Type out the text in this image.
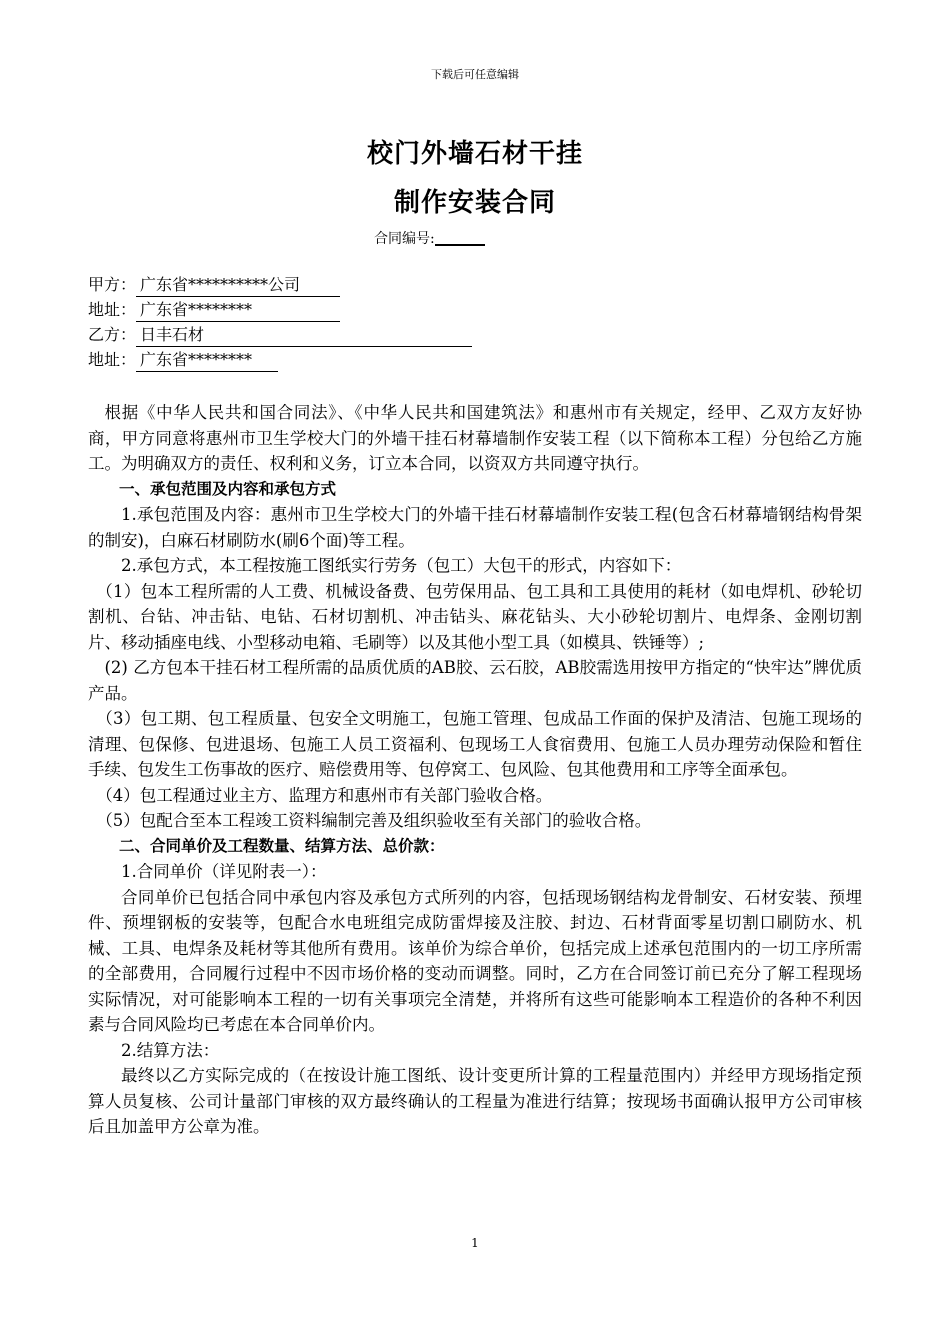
下载后可任意编辑
校门外墙石材干挂
制作安装合同
合同编号:
甲方： 广东省**********公司
地址： 广东省********
乙方： 日丰石材
地址： 广东省********

根据《中华人民共和国合同法》、《中华人民共和国建筑法》和惠州市有关规定，经甲、乙双方友好协商，甲方同意将惠州市卫生学校大门的外墙干挂石材幕墙制作安装工程（以下简称本工程）分包给乙方施工。为明确双方的责任、权利和义务，订立本合同，以资双方共同遵守执行。

一、承包范围及内容和承包方式

1.承包范围及内容：惠州市卫生学校大门的外墙干挂石材幕墙制作安装工程(包含石材幕墙钢结构骨架的制安)，白麻石材刷防水(刷6个面)等工程。

2.承包方式，本工程按施工图纸实行劳务（包工）大包干的形式，内容如下：

（1）包本工程所需的人工费、机械设备费、包劳保用品、包工具和工具使用的耗材（如电焊机、砂轮切割机、台钻、冲击钻、电钻、石材切割机、冲击钻头、麻花钻头、大小砂轮切割片、电焊条、金刚切割片、移动插座电线、小型移动电箱、毛刷等）以及其他小型工具（如模具、铁锤等）;

(2) 乙方包本干挂石材工程所需的品质优质的AB胶、云石胶，AB胶需选用按甲方指定的“快牢达”牌优质产品。

（3）包工期、包工程质量、包安全文明施工，包施工管理、包成品工作面的保护及清洁、包施工现场的清理、包保修、包进退场、包施工人员工资福利、包现场工人食宿费用、包施工人员办理劳动保险和暂住手续、包发生工伤事故的医疗、赔偿费用等、包停窝工、包风险、包其他费用和工序等全面承包。

（4）包工程通过业主方、监理方和惠州市有关部门验收合格。

（5）包配合至本工程竣工资料编制完善及组织验收至有关部门的验收合格。

二、合同单价及工程数量、结算方法、总价款：

1.合同单价（详见附表一）：

合同单价已包括合同中承包内容及承包方式所列的内容，包括现场钢结构龙骨制安、石材安装、预埋件、预埋钢板的安装等，包配合水电班组完成防雷焊接及注胶、封边、石材背面零星切割口刷防水、机械、工具、电焊条及耗材等其他所有费用。该单价为综合单价，包括完成上述承包范围内的一切工序所需的全部费用，合同履行过程中不因市场价格的变动而调整。同时，乙方在合同签订前已充分了解工程现场实际情况，对可能影响本工程的一切有关事项完全清楚，并将所有这些可能影响本工程造价的各种不利因素与合同风险均已考虑在本合同单价内。

2.结算方法：

最终以乙方实际完成的（在按设计施工图纸、设计变更所计算的工程量范围内）并经甲方现场指定预算人员复核、公司计量部门审核的双方最终确认的工程量为准进行结算；按现场书面确认报甲方公司审核后且加盖甲方公章为准。

1
